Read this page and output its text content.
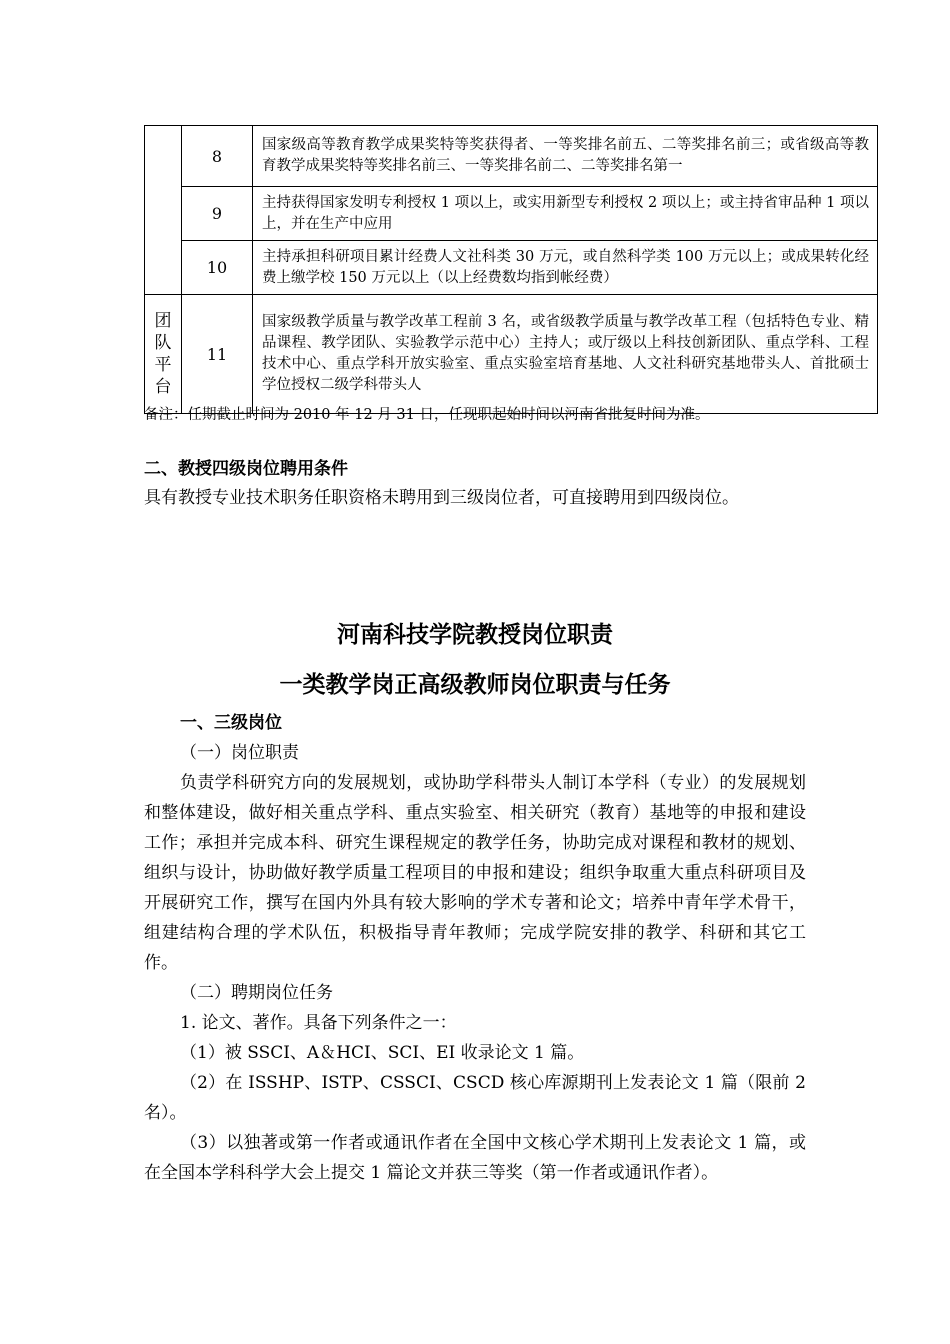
	8	国家级高等教育教学成果奖特等奖获得者、一等奖排名前五、二等奖排名前三；或省级高等教育教学成果奖特等奖排名前三、一等奖排名前二、二等奖排名第一
	9	主持获得国家发明专利授权 1 项以上，或实用新型专利授权 2 项以上；或主持省审品种 1 项以上，并在生产中应用
	10	主持承担科研项目累计经费人文社科类 30 万元，或自然科学类 100 万元以上；或成果转化经费上缴学校 150 万元以上（以上经费数均指到帐经费）

团队平台	11	国家级教学质量与教学改革工程前 3 名，或省级教学质量与教学改革工程（包括特色专业、精品课程、教学团队、实验教学示范中心）主持人；或厅级以上科技创新团队、重点学科、工程技术中心、重点学科开放实验室、重点实验室培育基地、人文社科研究基地带头人、首批硕士学位授权二级学科带头人
备注：任期截止时间为 2010 年 12 月 31 日，任现职起始时间以河南省批复时间为准。
二、教授四级岗位聘用条件
具有教授专业技术职务任职资格未聘用到三级岗位者，可直接聘用到四级岗位。
河南科技学院教授岗位职责
一类教学岗正高级教师岗位职责与任务

一、三级岗位

（一）岗位职责

负责学科研究方向的发展规划，或协助学科带头人制订本学科（专业）的发展规划和整体建设，做好相关重点学科、重点实验室、相关研究（教育）基地等的申报和建设工作；承担并完成本科、研究生课程规定的教学任务，协助完成对课程和教材的规划、组织与设计，协助做好教学质量工程项目的申报和建设；组织争取重大重点科研项目及开展研究工作，撰写在国内外具有较大影响的学术专著和论文；培养中青年学术骨干，组建结构合理的学术队伍，积极指导青年教师；完成学院安排的教学、科研和其它工作。

（二）聘期岗位任务

1. 论文、著作。具备下列条件之一：

（1）被 SSCI、A＆HCI、SCI、EI 收录论文 1 篇。

（2）在 ISSHP、ISTP、CSSCI、CSCD 核心库源期刊上发表论文 1 篇（限前 2 名）。

（3）以独著或第一作者或通讯作者在全国中文核心学术期刊上发表论文 1 篇，或在全国本学科科学大会上提交 1 篇论文并获三等奖（第一作者或通讯作者）。
